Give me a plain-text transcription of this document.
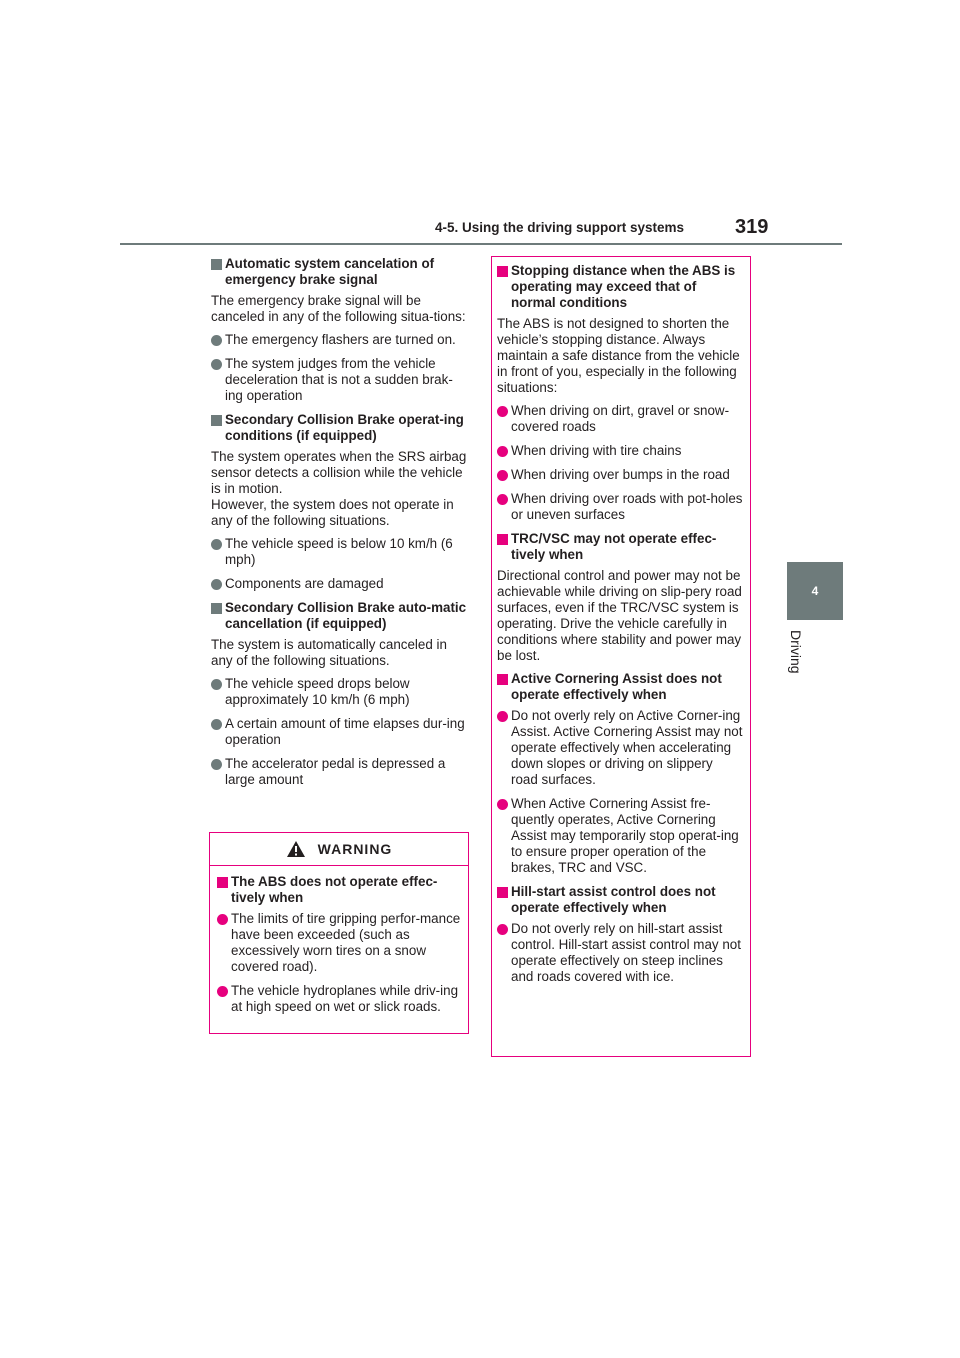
4-5. Using the driving support systems	319
4
Driving
Automatic system cancelation of emergency brake signal
The emergency brake signal will be canceled in any of the following situa-tions:
The emergency flashers are turned on.
The system judges from the vehicle deceleration that is not a sudden brak-ing operation
Secondary Collision Brake operat-ing conditions (if equipped)
The system operates when the SRS airbag sensor detects a collision while the vehicle is in motion.
However, the system does not operate in any of the following situations.
The vehicle speed is below 10 km/h (6 mph)
Components are damaged
Secondary Collision Brake auto-matic cancellation (if equipped)
The system is automatically canceled in any of the following situations.
The vehicle speed drops below approximately 10 km/h (6 mph)
A certain amount of time elapses dur-ing operation
The accelerator pedal is depressed a large amount
WARNING
The ABS does not operate effec-tively when
The limits of tire gripping perfor-mance have been exceeded (such as excessively worn tires on a snow covered road).
The vehicle hydroplanes while driv-ing at high speed on wet or slick roads.
Stopping distance when the ABS is operating may exceed that of normal conditions
The ABS is not designed to shorten the vehicle’s stopping distance. Always maintain a safe distance from the vehicle in front of you, especially in the following situations:
When driving on dirt, gravel or snow-covered roads
When driving with tire chains
When driving over bumps in the road
When driving over roads with pot-holes or uneven surfaces
TRC/VSC may not operate effec-tively when
Directional control and power may not be achievable while driving on slip-pery road surfaces, even if the TRC/VSC system is operating. Drive the vehicle carefully in conditions where stability and power may be lost.
Active Cornering Assist does not operate effectively when
Do not overly rely on Active Corner-ing Assist. Active Cornering Assist may not operate effectively when accelerating down slopes or driving on slippery road surfaces.
When Active Cornering Assist fre-quently operates, Active Cornering Assist may temporarily stop operat-ing to ensure proper operation of the brakes, TRC and VSC.
Hill-start assist control does not operate effectively when
Do not overly rely on hill-start assist control. Hill-start assist control may not operate effectively on steep inclines and roads covered with ice.
